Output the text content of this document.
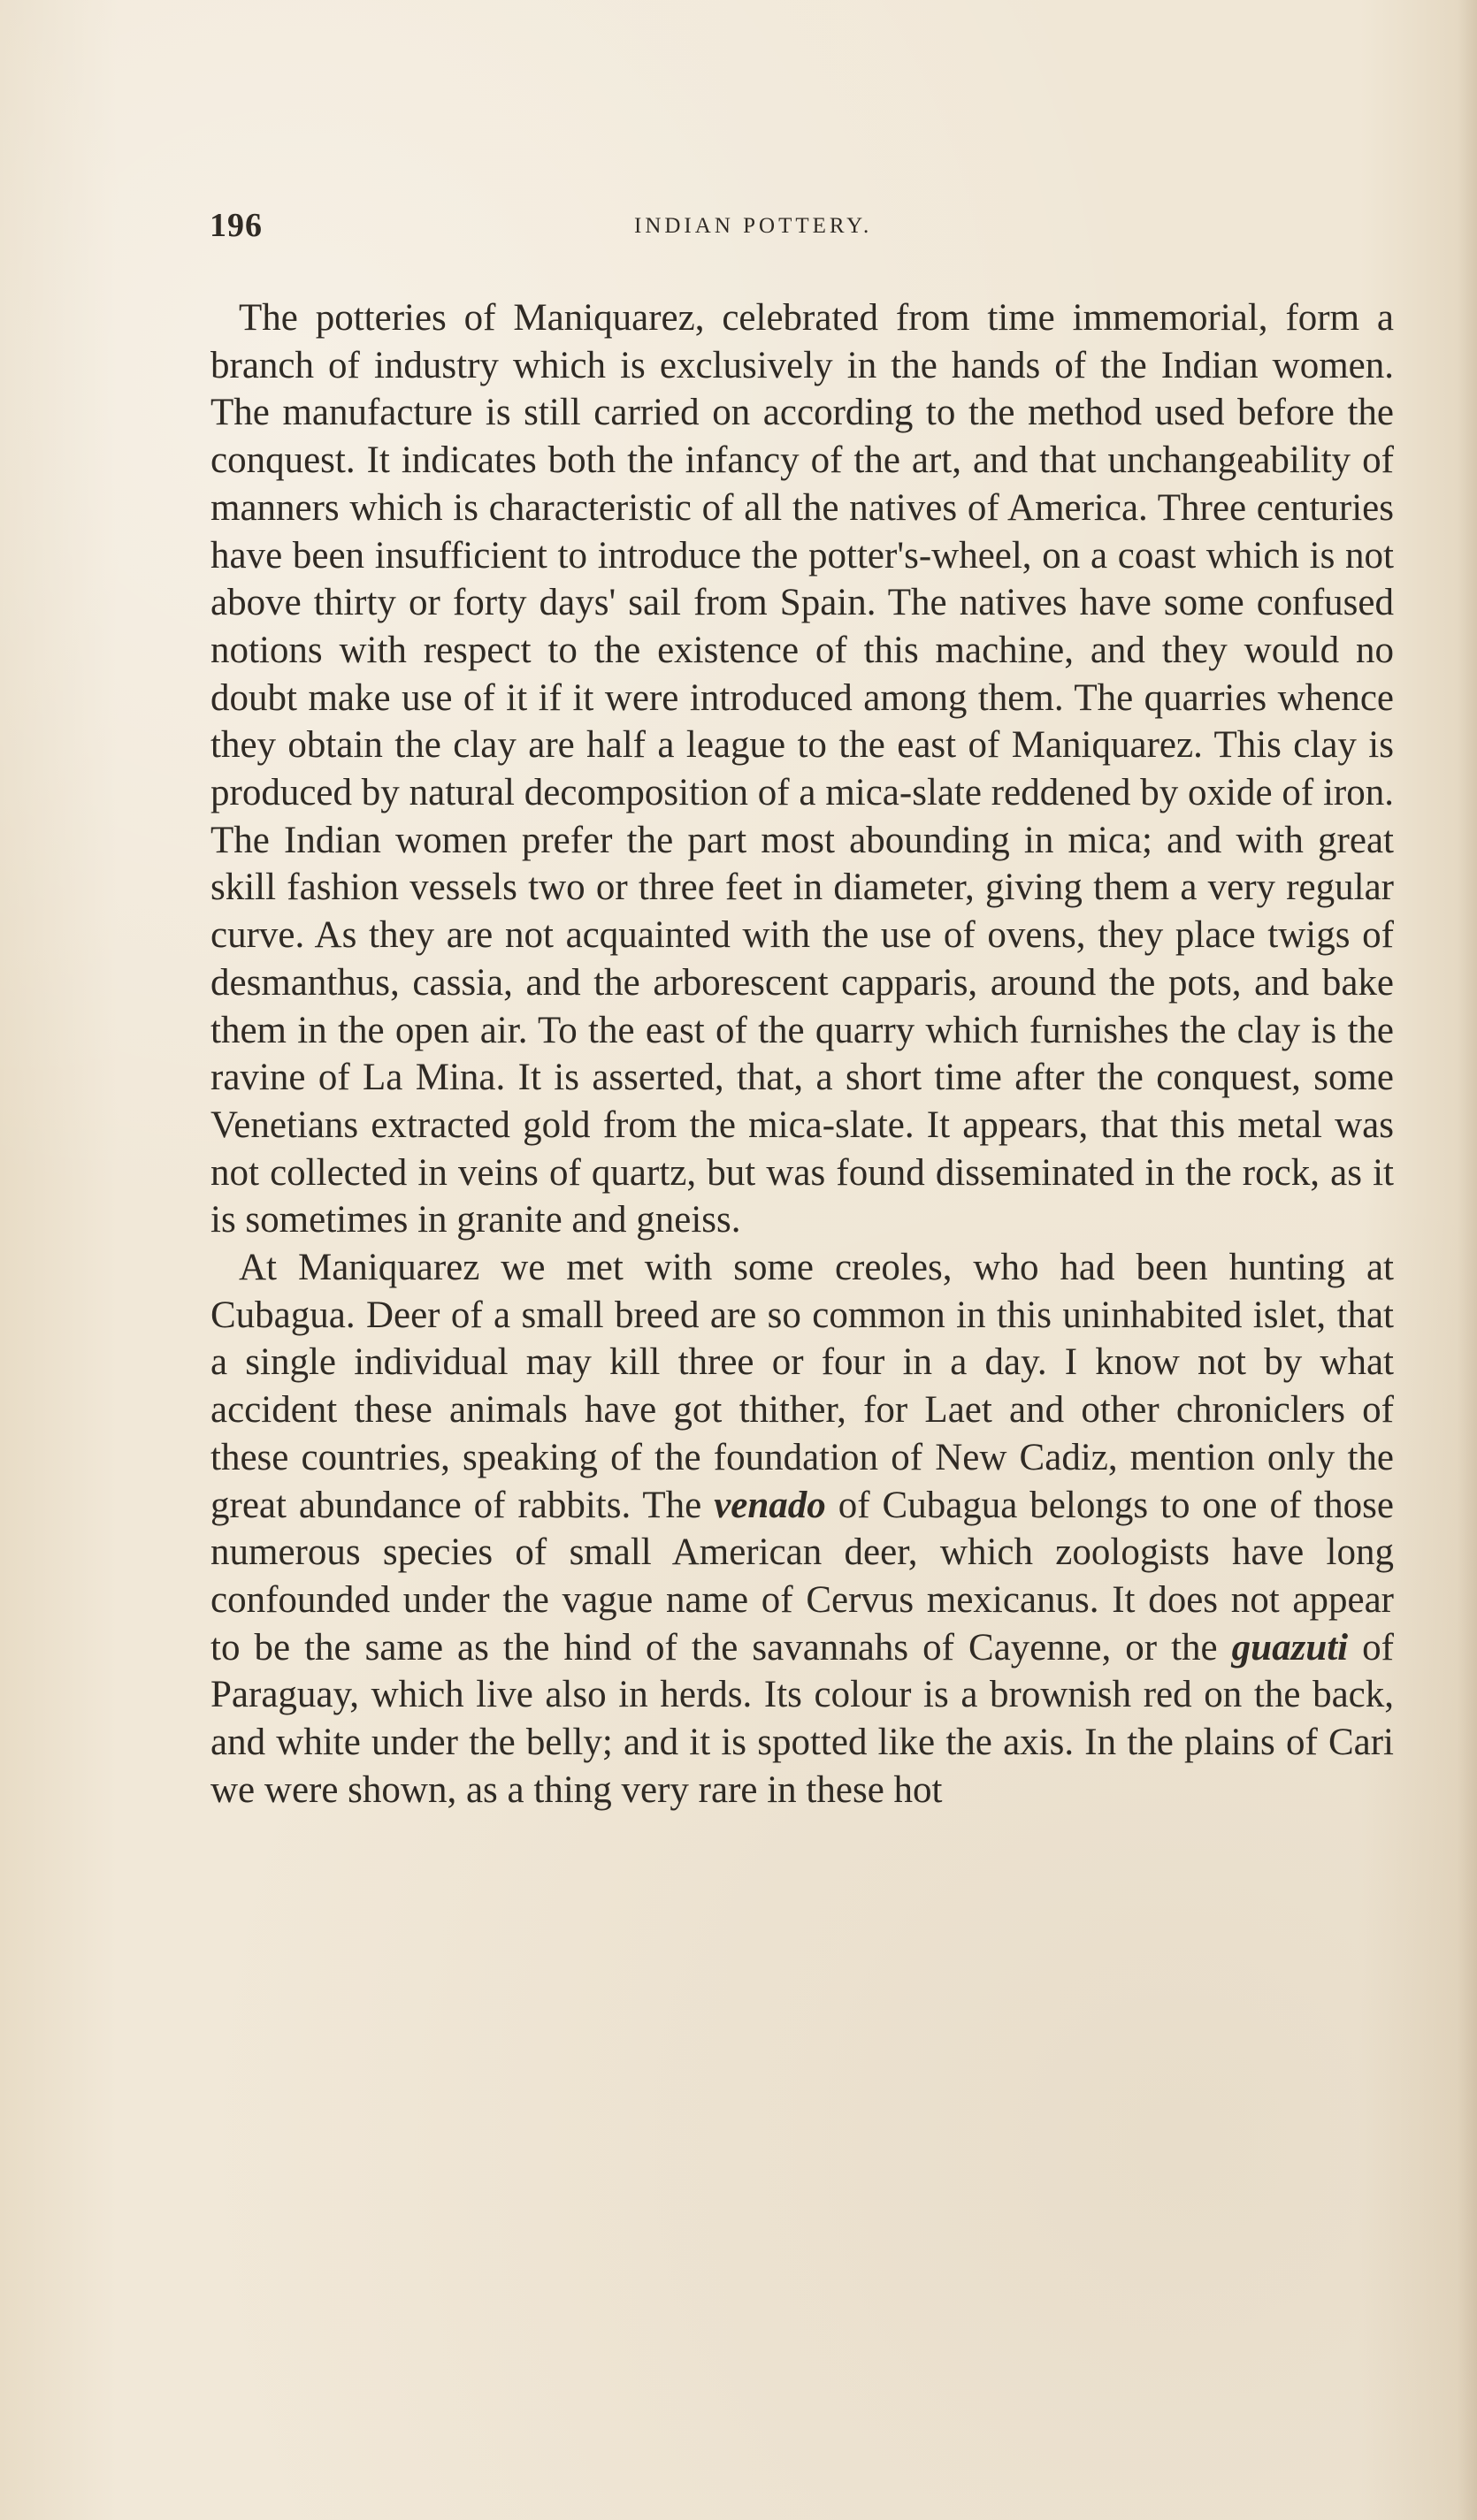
196	INDIAN POTTERY.

The potteries of Maniquarez, celebrated from time immemorial, form a branch of industry which is exclusively in the hands of the Indian women. The manufacture is still carried on according to the method used before the conquest. It indicates both the infancy of the art, and that unchangeability of manners which is characteristic of all the natives of America. Three centuries have been insufficient to introduce the potter's-wheel, on a coast which is not above thirty or forty days' sail from Spain. The natives have some confused notions with respect to the existence of this machine, and they would no doubt make use of it if it were introduced among them. The quarries whence they obtain the clay are half a league to the east of Maniquarez. This clay is produced by natural decomposition of a mica-slate reddened by oxide of iron. The Indian women prefer the part most abounding in mica; and with great skill fashion vessels two or three feet in diameter, giving them a very regular curve. As they are not acquainted with the use of ovens, they place twigs of desmanthus, cassia, and the arborescent capparis, around the pots, and bake them in the open air. To the east of the quarry which furnishes the clay is the ravine of La Mina. It is asserted, that, a short time after the conquest, some Venetians extracted gold from the mica-slate. It appears, that this metal was not collected in veins of quartz, but was found disseminated in the rock, as it is sometimes in granite and gneiss.

At Maniquarez we met with some creoles, who had been hunting at Cubagua. Deer of a small breed are so common in this uninhabited islet, that a single individual may kill three or four in a day. I know not by what accident these animals have got thither, for Laet and other chroniclers of these countries, speaking of the foundation of New Cadiz, mention only the great abundance of rabbits. The venado of Cubagua belongs to one of those numerous species of small American deer, which zoologists have long confounded under the vague name of Cervus mexicanus. It does not appear to be the same as the hind of the savannahs of Cayenne, or the guazuti of Paraguay, which live also in herds. Its colour is a brownish red on the back, and white under the belly; and it is spotted like the axis. In the plains of Cari we were shown, as a thing very rare in these hot
